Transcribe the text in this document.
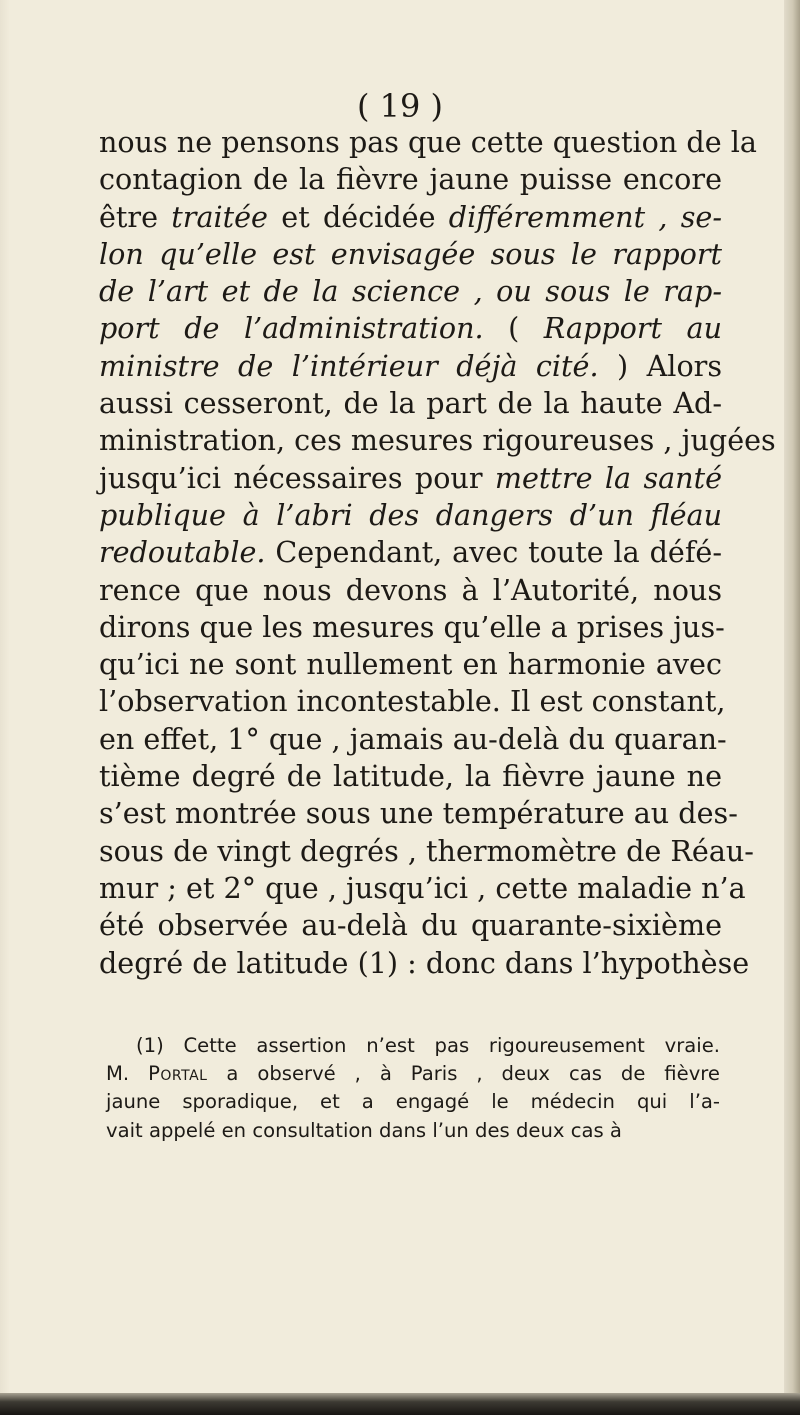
( 19 )
nous ne pensons pas que cette question de la
contagion de la fièvre jaune puisse encore
être traitée et décidée différemment , se-
lon qu’elle est envisagée sous le rapport
de l’art et de la science , ou sous le rap-
port de l’administration. ( Rapport au
ministre de l’intérieur déjà cité. ) Alors
aussi cesseront, de la part de la haute Ad-
ministration, ces mesures rigoureuses , jugées
jusqu’ici nécessaires pour mettre la santé
publique à l’abri des dangers d’un fléau
redoutable. Cependant, avec toute la défé-
rence que nous devons à l’Autorité, nous
dirons que les mesures qu’elle a prises jus-
qu’ici ne sont nullement en harmonie avec
l’observation incontestable. Il est constant,
en effet, 1° que , jamais au-delà du quaran-
tième degré de latitude, la fièvre jaune ne
s’est montrée sous une température au des-
sous de vingt degrés , thermomètre de Réau-
mur ; et 2° que , jusqu’ici , cette maladie n’a
été observée au-delà du quarante-sixième
degré de latitude (1) : donc dans l’hypothèse
(1) Cette assertion n’est pas rigoureusement vraie.
M. Portal a observé , à Paris , deux cas de fièvre
jaune sporadique, et a engagé le médecin qui l’a-
vait appelé en consultation dans l’un des deux cas à
